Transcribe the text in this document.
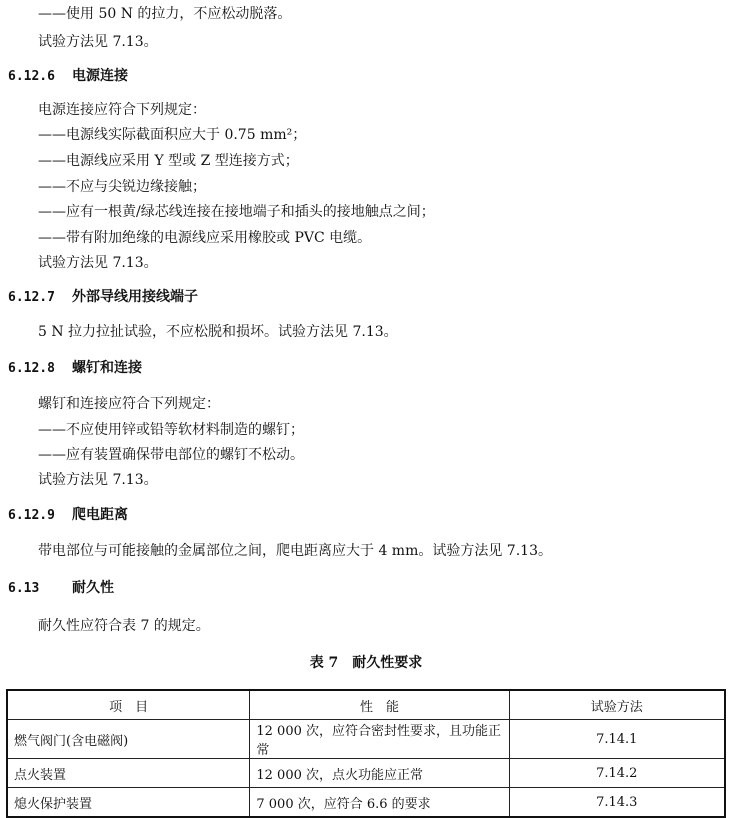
——使用 50 N 的拉力，不应松动脱落。
试验方法见 7.13。
6.12.6 电源连接
电源连接应符合下列规定：
——电源线实际截面积应大于 0.75 mm²；
——电源线应采用 Y 型或 Z 型连接方式；
——不应与尖锐边缘接触；
——应有一根黄/绿芯线连接在接地端子和插头的接地触点之间；
——带有附加绝缘的电源线应采用橡胶或 PVC 电缆。
试验方法见 7.13。
6.12.7 外部导线用接线端子
5 N 拉力拉扯试验，不应松脱和损坏。试验方法见 7.13。
6.12.8 螺钉和连接
螺钉和连接应符合下列规定：
——不应使用锌或铅等软材料制造的螺钉；
——应有装置确保带电部位的螺钉不松动。
试验方法见 7.13。
6.12.9 爬电距离
带电部位与可能接触的金属部位之间，爬电距离应大于 4 mm。试验方法见 7.13。
6.13 耐久性
耐久性应符合表 7 的规定。
表 7　耐久性要求
项　目	性　能	试验方法
燃气阀门(含电磁阀)	12 000 次，应符合密封性要求，且功能正常	7.14.1
点火装置	12 000 次，点火功能应正常	7.14.2
熄火保护装置	7 000 次，应符合 6.6 的要求	7.14.3
